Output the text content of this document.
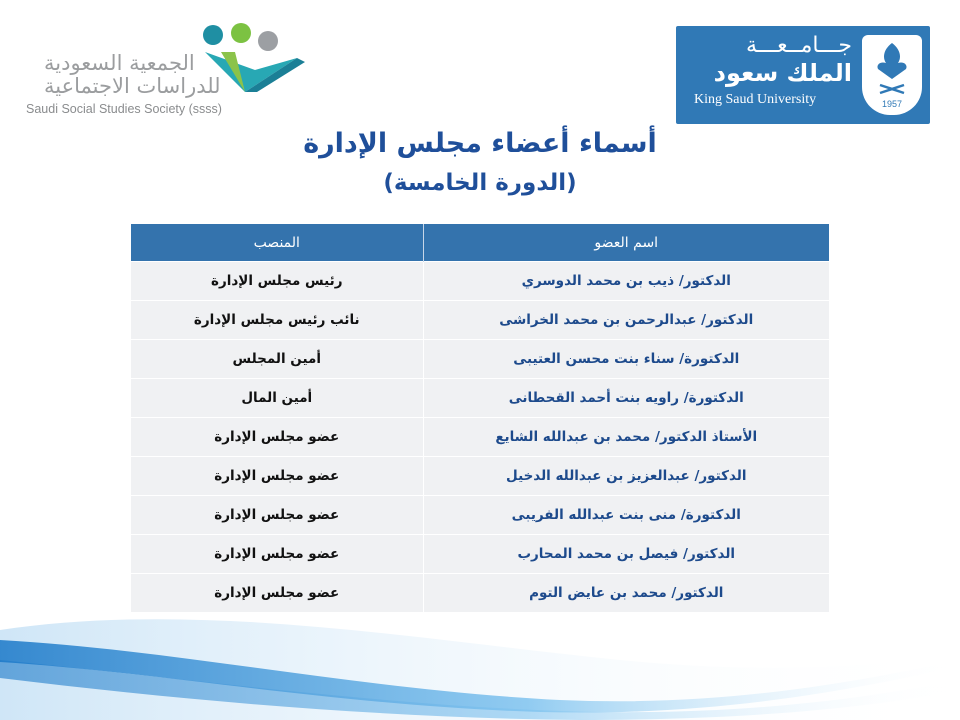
الجمعية السعودية
للدراسات الاجتماعية
Saudi Social Studies Society (ssss)
جـــامــعـــة
الملك سعود
King Saud University	1957
أسماء أعضاء مجلس الإدارة
(الدورة الخامسة)
اسم العضو	المنصب
الدكتور/ ذيب بن محمد الدوسري	رئيس مجلس الإدارة
الدكتور/ عبدالرحمن بن محمد الخراشى	نائب رئيس مجلس الإدارة
الدكتورة/ سناء بنت محسن العتيبى	أمين المجلس
الدكتورة/ راويه بنت أحمد القحطانى	أمين المال
الأستاذ الدكتور/ محمد بن عبدالله الشايع	عضو مجلس الإدارة
الدكتور/ عبدالعزيز بن عبدالله الدخيل	عضو مجلس الإدارة
الدكتورة/ منى بنت عبدالله الفريبى	عضو مجلس الإدارة
الدكتور/ فيصل بن محمد المحارب	عضو مجلس الإدارة
الدكتور/ محمد بن عايض التوم	عضو مجلس الإدارة
